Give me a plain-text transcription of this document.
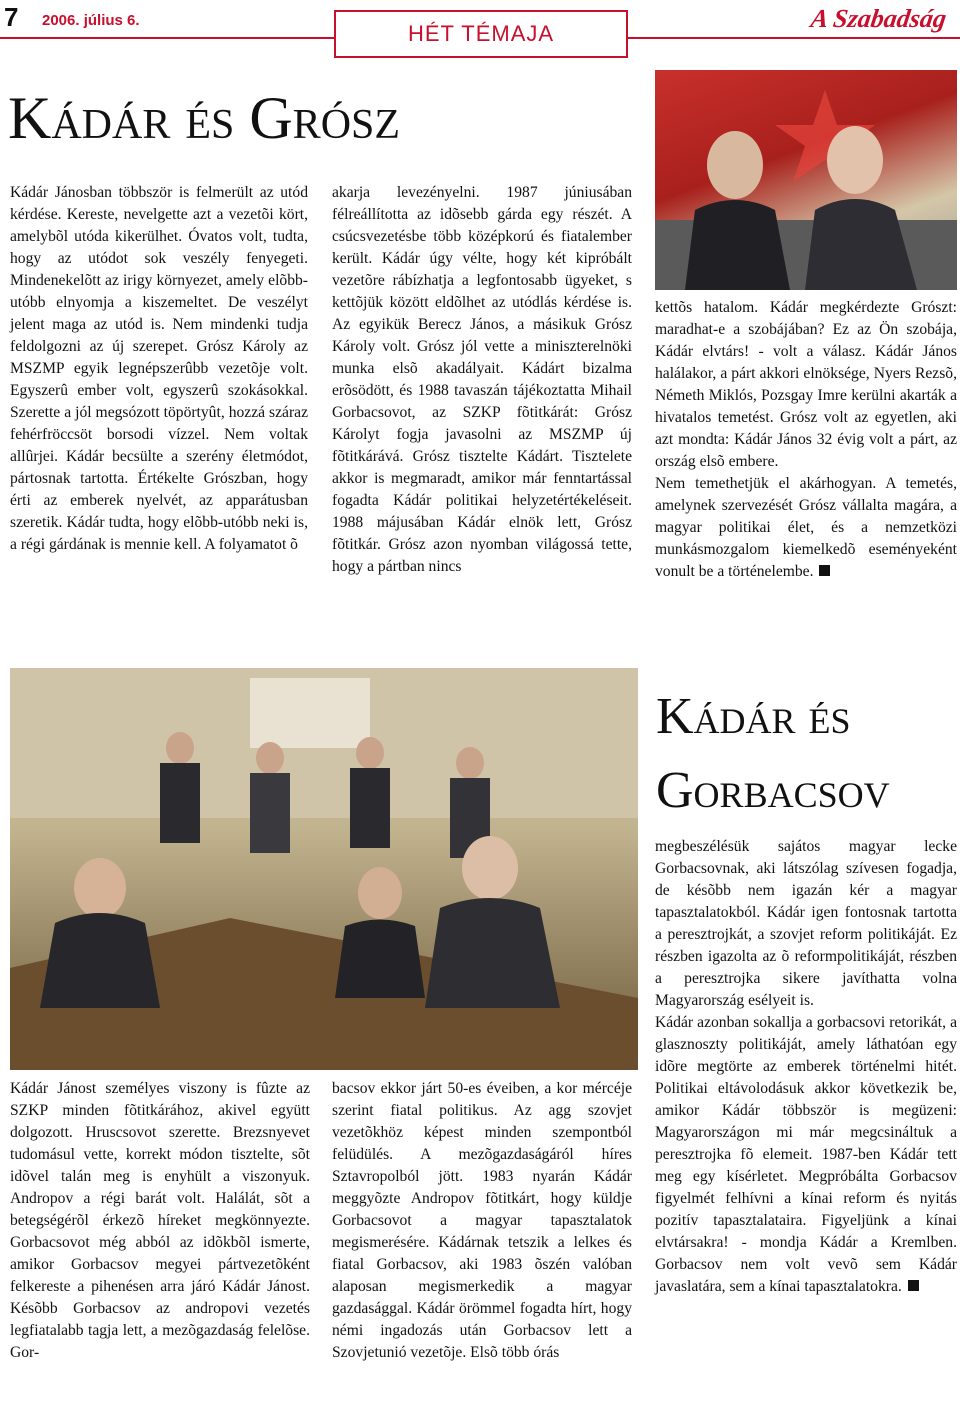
7 2006. július 6.
HÉT TÉMAJA
A Szabadság
Kádár és Grósz

Kádár Jánosban többször is felmerült az utód kérdése. Kereste, nevelgette azt a vezetõi kört, amelybõl utóda kikerülhet. Óvatos volt, tudta, hogy az utódot sok veszély fenyegeti. Mindenekelõtt az irigy környezet, amely elõbb-utóbb elnyomja a kiszemeltet. De veszélyt jelent maga az utód is. Nem mindenki tudja feldolgozni az új szerepet. Grósz Károly az MSZMP egyik legnépszerûbb vezetõje volt. Egyszerû ember volt, egyszerû szokásokkal. Szerette a jól megsózott töpörtyût, hozzá száraz fehérfröccsöt borsodi vízzel. Nem voltak allûrjei. Kádár becsülte a szerény életmódot, pártosnak tartotta. Értékelte Grószban, hogy érti az emberek nyelvét, az apparátusban szeretik. Kádár tudta, hogy elõbb-utóbb neki is, a régi gárdának is mennie kell. A folyamatot õ

akarja levezényelni. 1987 júniusában félreállította az idõsebb gárda egy részét. A csúcsvezetésbe több középkorú és fiatalember került. Kádár úgy vélte, hogy két kipróbált vezetõre rábízhatja a legfontosabb ügyeket, s kettõjük között eldõlhet az utódlás kérdése is. Az egyikük Berecz János, a másikuk Grósz Károly volt. Grósz jól vette a miniszterelnöki munka elsõ akadályait. Kádárt bizalma erõsödött, és 1988 tavaszán tájékoztatta Mihail Gorbacsovot, az SZKP fõtitkárát: Grósz Károlyt fogja javasolni az MSZMP új fõtitkárává. Grósz tisztelte Kádárt. Tisztelete akkor is megmaradt, amikor már fenntartással fogadta Kádár politikai helyzetértékeléseit. 1988 májusában Kádár elnök lett, Grósz fõtitkár. Grósz azon nyomban világossá tette, hogy a pártban nincs

kettõs hatalom. Kádár megkérdezte Grószt: maradhat-e a szobájában? Ez az Ön szobája, Kádár elvtárs! - volt a válasz. Kádár János halálakor, a párt akkori elnöksége, Nyers Rezsõ, Németh Miklós, Pozsgay Imre kerülni akarták a hivatalos temetést. Grósz volt az egyetlen, aki azt mondta: Kádár János 32 évig volt a párt, az ország elsõ embere.

Nem temethetjük el akárhogyan. A temetés, amelynek szervezését Grósz vállalta magára, a magyar politikai élet, és a nemzetközi munkásmozgalom kiemelkedõ eseményeként vonult be a történelembe.

Kádár és Gorbacsov

Kádár Jánost személyes viszony is fûzte az SZKP minden fõtitkárához, akivel együtt dolgozott. Hruscsovot szerette. Brezsnyevet tudomásul vette, korrekt módon tisztelte, sõt idõvel talán meg is enyhült a viszonyuk. Andropov a régi barát volt. Halálát, sõt a betegségérõl érkezõ híreket megkönnyezte. Gorbacsovot még abból az idõkbõl ismerte, amikor Gorbacsov megyei pártvezetõként felkereste a pihenésen arra járó Kádár Jánost. Késõbb Gorbacsov az andropovi vezetés legfiatalabb tagja lett, a mezõgazdaság felelõse. Gor-

bacsov ekkor járt 50-es éveiben, a kor mércéje szerint fiatal politikus. Az agg szovjet vezetõkhöz képest minden szempontból felüdülés. A mezõgazdaságáról híres Sztavropolból jött. 1983 nyarán Kádár meggyõzte Andropov fõtitkárt, hogy küldje Gorbacsovot a magyar tapasztalatok megismerésére. Kádárnak tetszik a lelkes és fiatal Gorbacsov, aki 1983 õszén valóban alaposan megismerkedik a magyar gazdasággal. Kádár örömmel fogadta hírt, hogy némi ingadozás után Gorbacsov lett a Szovjetunió vezetõje. Elsõ több órás

megbeszélésük sajátos magyar lecke Gorbacsovnak, aki látszólag szívesen fogadja, de késõbb nem igazán kér a magyar tapasztalatokból. Kádár igen fontosnak tartotta a peresztrojkát, a szovjet reform politikáját. Ez részben igazolta az õ reformpolitikáját, részben a peresztrojka sikere javíthatta volna Magyarország esélyeit is.

Kádár azonban sokallja a gorbacsovi retorikát, a glasznoszty politikáját, amely láthatóan egy idõre megtörte az emberek történelmi hitét. Politikai eltávolodásuk akkor következik be, amikor Kádár többször is megüzeni: Magyarországon mi már megcsináltuk a peresztrojka fõ elemeit. 1987-ben Kádár tett meg egy kísérletet. Megpróbálta Gorbacsov figyelmét felhívni a kínai reform és nyitás pozitív tapasztalataira. Figyeljünk a kínai elvtársakra! - mondja Kádár a Kremlben. Gorbacsov nem volt vevõ sem Kádár javaslatára, sem a kínai tapasztalatokra.
